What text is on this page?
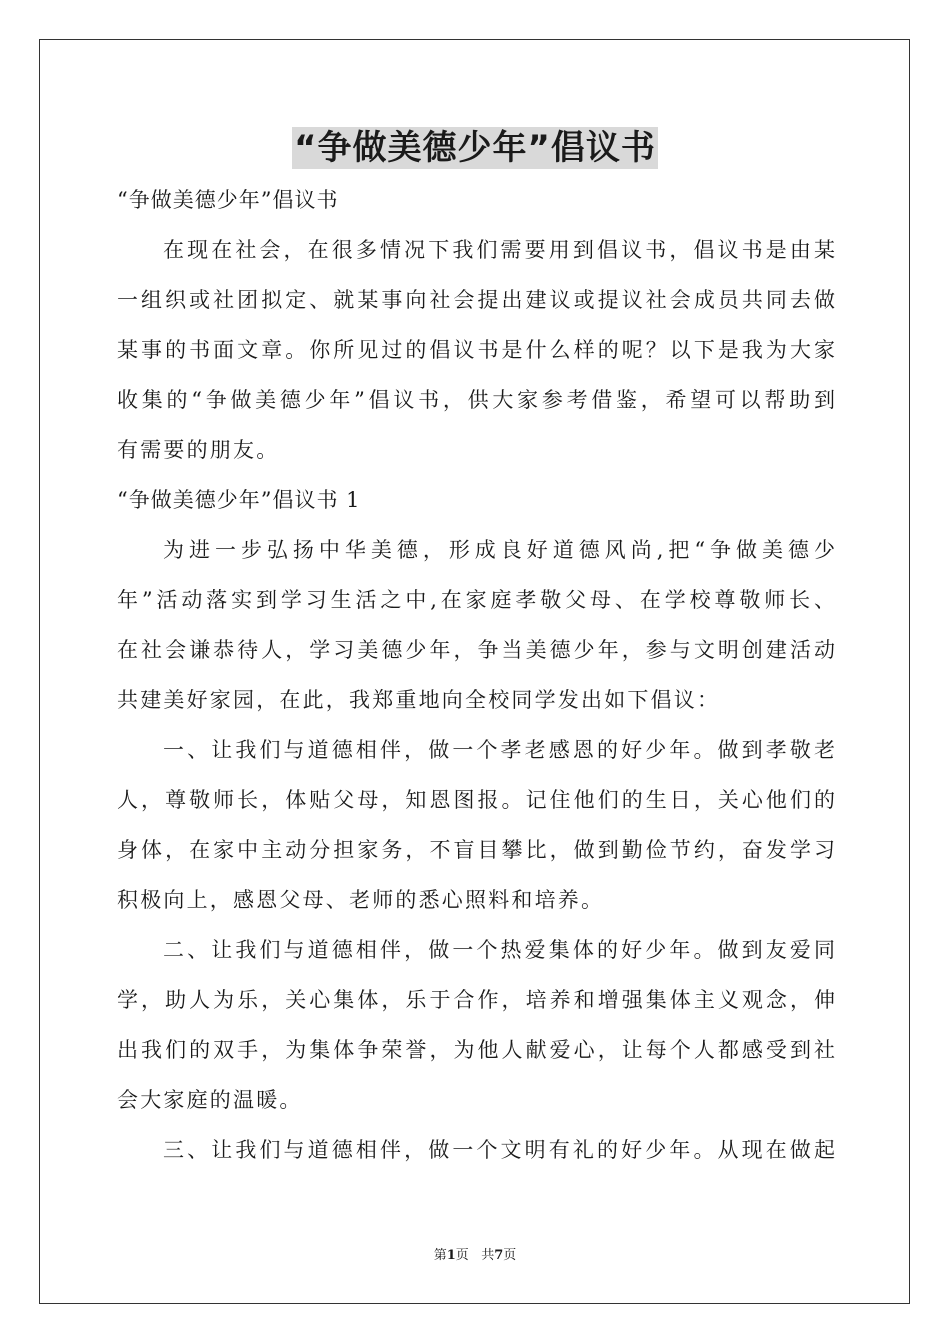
“争做美德少年”倡议书
“争做美德少年”倡议书
在现在社会，在很多情况下我们需要用到倡议书，倡议书是由某
一组织或社团拟定、就某事向社会提出建议或提议社会成员共同去做
某事的书面文章。你所见过的倡议书是什么样的呢？以下是我为大家
收集的“争做美德少年”倡议书，供大家参考借鉴，希望可以帮助到
有需要的朋友。
“争做美德少年”倡议书 1
为进一步弘扬中华美德，形成良好道德风尚,把“争做美德少
年”活动落实到学习生活之中,在家庭孝敬父母、在学校尊敬师长、
在社会谦恭待人，学习美德少年，争当美德少年，参与文明创建活动
共建美好家园，在此，我郑重地向全校同学发出如下倡议：
一、让我们与道德相伴，做一个孝老感恩的好少年。做到孝敬老
人，尊敬师长，体贴父母，知恩图报。记住他们的生日，关心他们的
身体，在家中主动分担家务，不盲目攀比，做到勤俭节约，奋发学习
积极向上，感恩父母、老师的悉心照料和培养。
二、让我们与道德相伴，做一个热爱集体的好少年。做到友爱同
学，助人为乐，关心集体，乐于合作，培养和增强集体主义观念，伸
出我们的双手，为集体争荣誉，为他人献爱心，让每个人都感受到社
会大家庭的温暖。
三、让我们与道德相伴，做一个文明有礼的好少年。从现在做起
第1页 共7页
